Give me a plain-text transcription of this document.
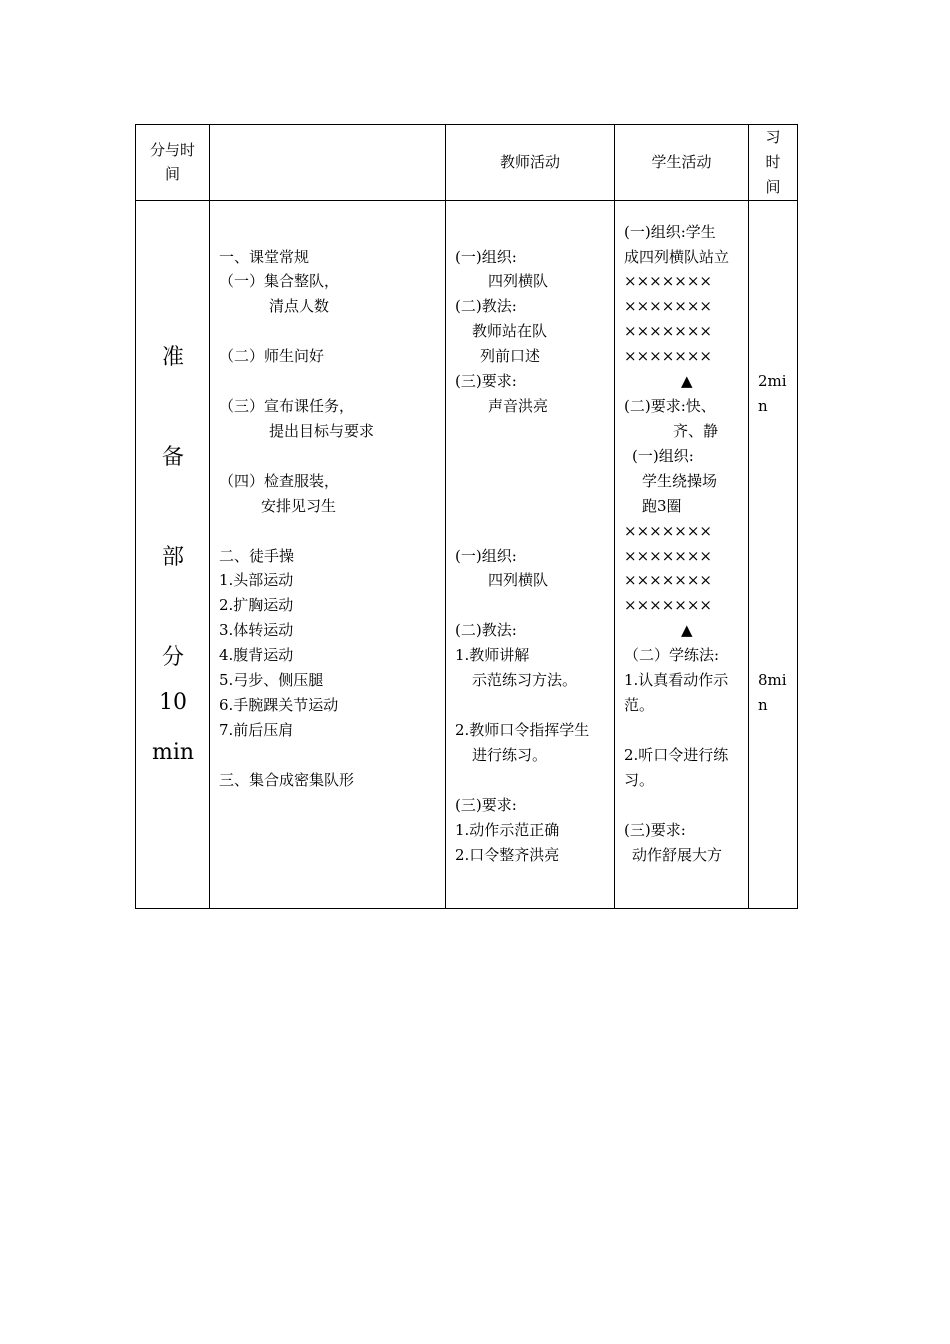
分与时
间
教师活动	学生活动
习
时
间
准
备
部
分
10
min
一、课堂常规
（一）集合整队，
清点人数
（二）师生问好
（三）宣布课任务，
提出目标与要求
（四）检查服装，
安排见习生
二、徒手操
1.头部运动
2.扩胸运动
3.体转运动
4.腹背运动
5.弓步、侧压腿
6.手腕踝关节运动
7.前后压肩
三、集合成密集队形
(一)组织:
四列横队
(二)教法:
教师站在队
列前口述
(三)要求:
声音洪亮
(一)组织:
四列横队
(二)教法:
1.教师讲解
示范练习方法。
2.教师口令指挥学生
进行练习。
(三)要求:
1.动作示范正确
2.口令整齐洪亮
(一)组织:学生
成四列横队站立
×××××××
×××××××
×××××××
×××××××
▲
(二)要求:快、
齐、静
(一)组织:
学生绕操场
跑3圈
×××××××
×××××××
×××××××
×××××××
▲
（二）学练法:
1.认真看动作示
范。
2.听口令进行练
习。
(三)要求:
动作舒展大方
2mi
n
8mi
n
